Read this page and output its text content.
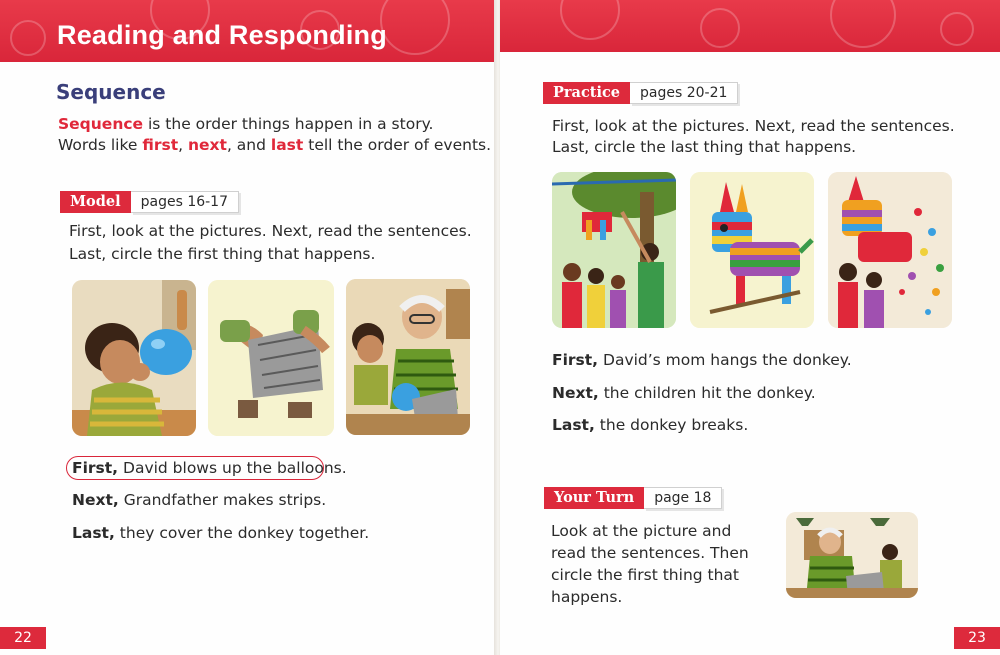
Reading and Responding
Sequence
Sequence is the order things happen in a story.
Words like first, next, and last tell the order of events.
Model	pages 16-17
First, look at the pictures. Next, read the sentences.
Last, circle the first thing that happens.
First, David blows up the balloons.
Next, Grandfather makes strips.
Last, they cover the donkey together.
22
Practice	pages 20-21
First, look at the pictures. Next, read the sentences.
Last, circle the last thing that happens.
First, David’s mom hangs the donkey.
Next, the children hit the donkey.
Last, the donkey breaks.
Your Turn	page 18
Look at the picture and
read the sentences. Then
circle the first thing that
happens.
23
